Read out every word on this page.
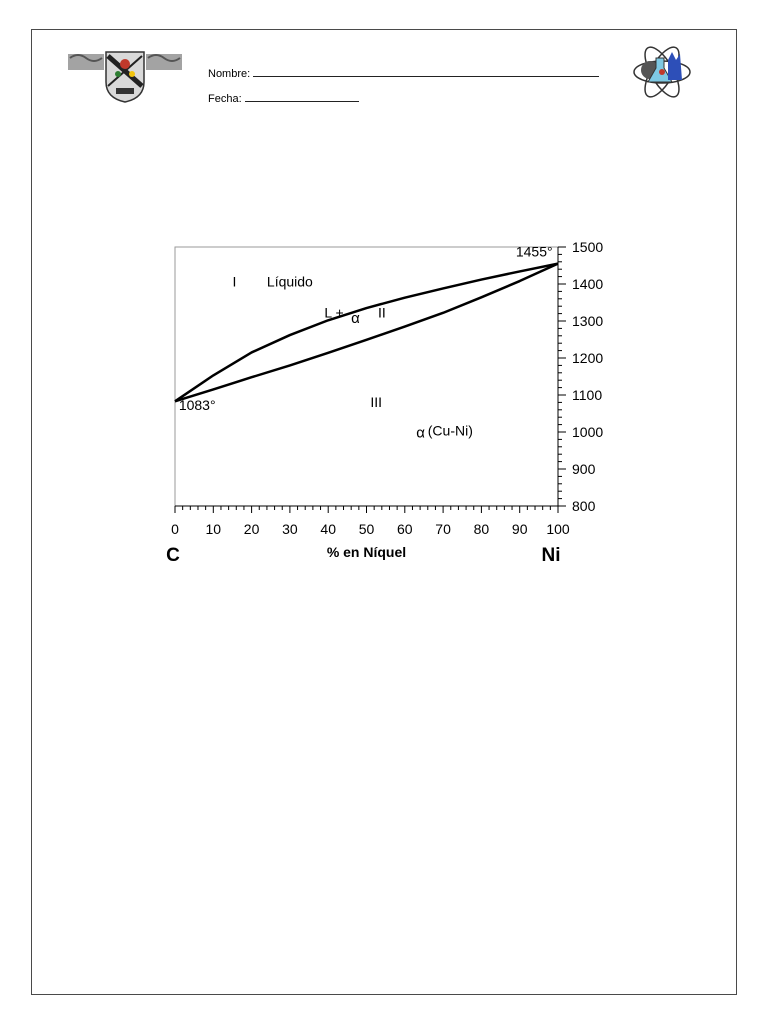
Nombre:
Fecha:
0 10 20 30 40 50 60 70 80 90 100
800
900
1000
1100
1200
1300
1400
1500
1455°
1083°
I Líquido
L + α II
III
α (Cu-Ni)
% en Níquel
C	Ni
